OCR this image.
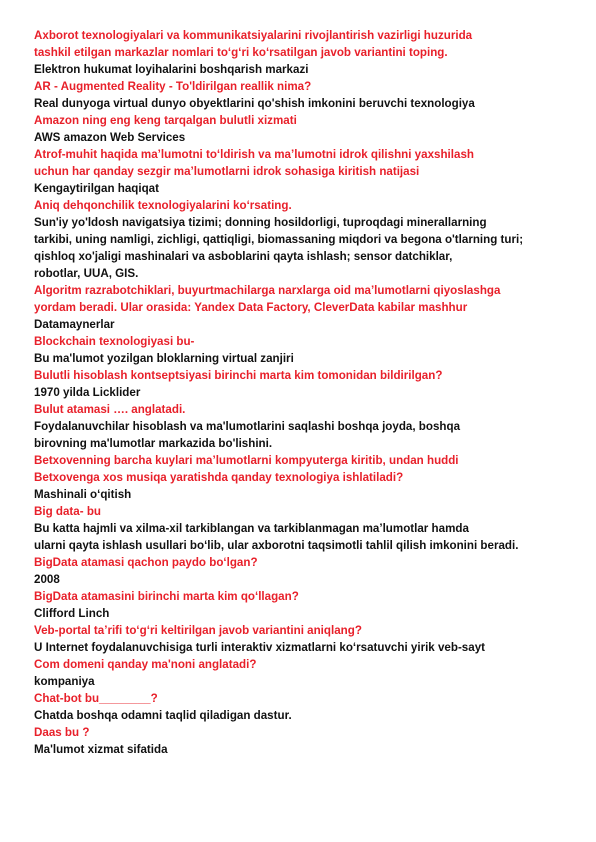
Axborot texnologiyalari va kommunikatsiyalarini rivojlantirish vazirligi huzurida
tashkil etilgan markazlar nomlari to‘g‘ri ko‘rsatilgan javob variantini toping.
Elektron hukumat loyihalarini boshqarish markazi
AR - Augmented Reality - To'ldirilgan reallik nima?
Real dunyoga virtual dunyo obyektlarini qo'shish imkonini beruvchi texnologiya
Amazon ning eng keng tarqalgan bulutli xizmati
AWS amazon Web Services
Atrof-muhit haqida ma’lumotni to‘ldirish va ma’lumotni idrok qilishni yaxshilash
uchun har qanday sezgir ma’lumotlarni idrok sohasiga kiritish natijasi
Kengaytirilgan haqiqat
Aniq dehqonchilik texnologiyalarini ko‘rsating.
Sun'iy yo'ldosh navigatsiya tizimi; donning hosildorligi, tuproqdagi minerallarning
tarkibi, uning namligi, zichligi, qattiqligi, biomassaning miqdori va begona o'tlarning turi;
qishloq xo'jaligi mashinalari va asboblarini qayta ishlash; sensor datchiklar,
robotlar, UUA, GIS.
Algoritm razrabotchiklari, buyurtmachilarga narxlarga oid ma’lumotlarni qiyoslashga
yordam beradi. Ular orasida: Yandex Data Factory, CleverData kabilar mashhur
Datamaynerlar
Blockchain texnologiyasi bu-
Bu ma'lumot yozilgan bloklarning virtual zanjiri
Bulutli hisoblash kontseptsiyasi birinchi marta kim tomonidan bildirilgan?
1970 yilda Licklider
Bulut atamasi …. anglatadi.
Foydalanuvchilar hisoblash va ma'lumotlarini saqlashi boshqa joyda, boshqa
birovning ma'lumotlar markazida bo'lishini.
Betxovenning barcha kuylari ma’lumotlarni kompyuterga kiritib, undan huddi
Betxovenga xos musiqa yaratishda qanday texnologiya ishlatiladi?
Mashinali o‘qitish
Big data- bu
Bu katta hajmli va xilma-xil tarkiblangan va tarkiblanmagan ma’lumotlar hamda
ularni qayta ishlash usullari bo‘lib, ular axborotni taqsimotli tahlil qilish imkonini beradi.
BigData atamasi qachon paydo bo‘lgan?
2008
BigData atamasini birinchi marta kim qo‘llagan?
Clifford Linch
Veb-portal ta’rifi to‘g‘ri keltirilgan javob variantini aniqlang?
U Internet foydalanuvchisiga turli interaktiv xizmatlarni ko‘rsatuvchi yirik veb-sayt
Com domeni qanday ma'noni anglatadi?
kompaniya
Chat-bot bu________?
Chatda boshqa odamni taqlid qiladigan dastur.
Daas bu ?
Ma'lumot xizmat sifatida
